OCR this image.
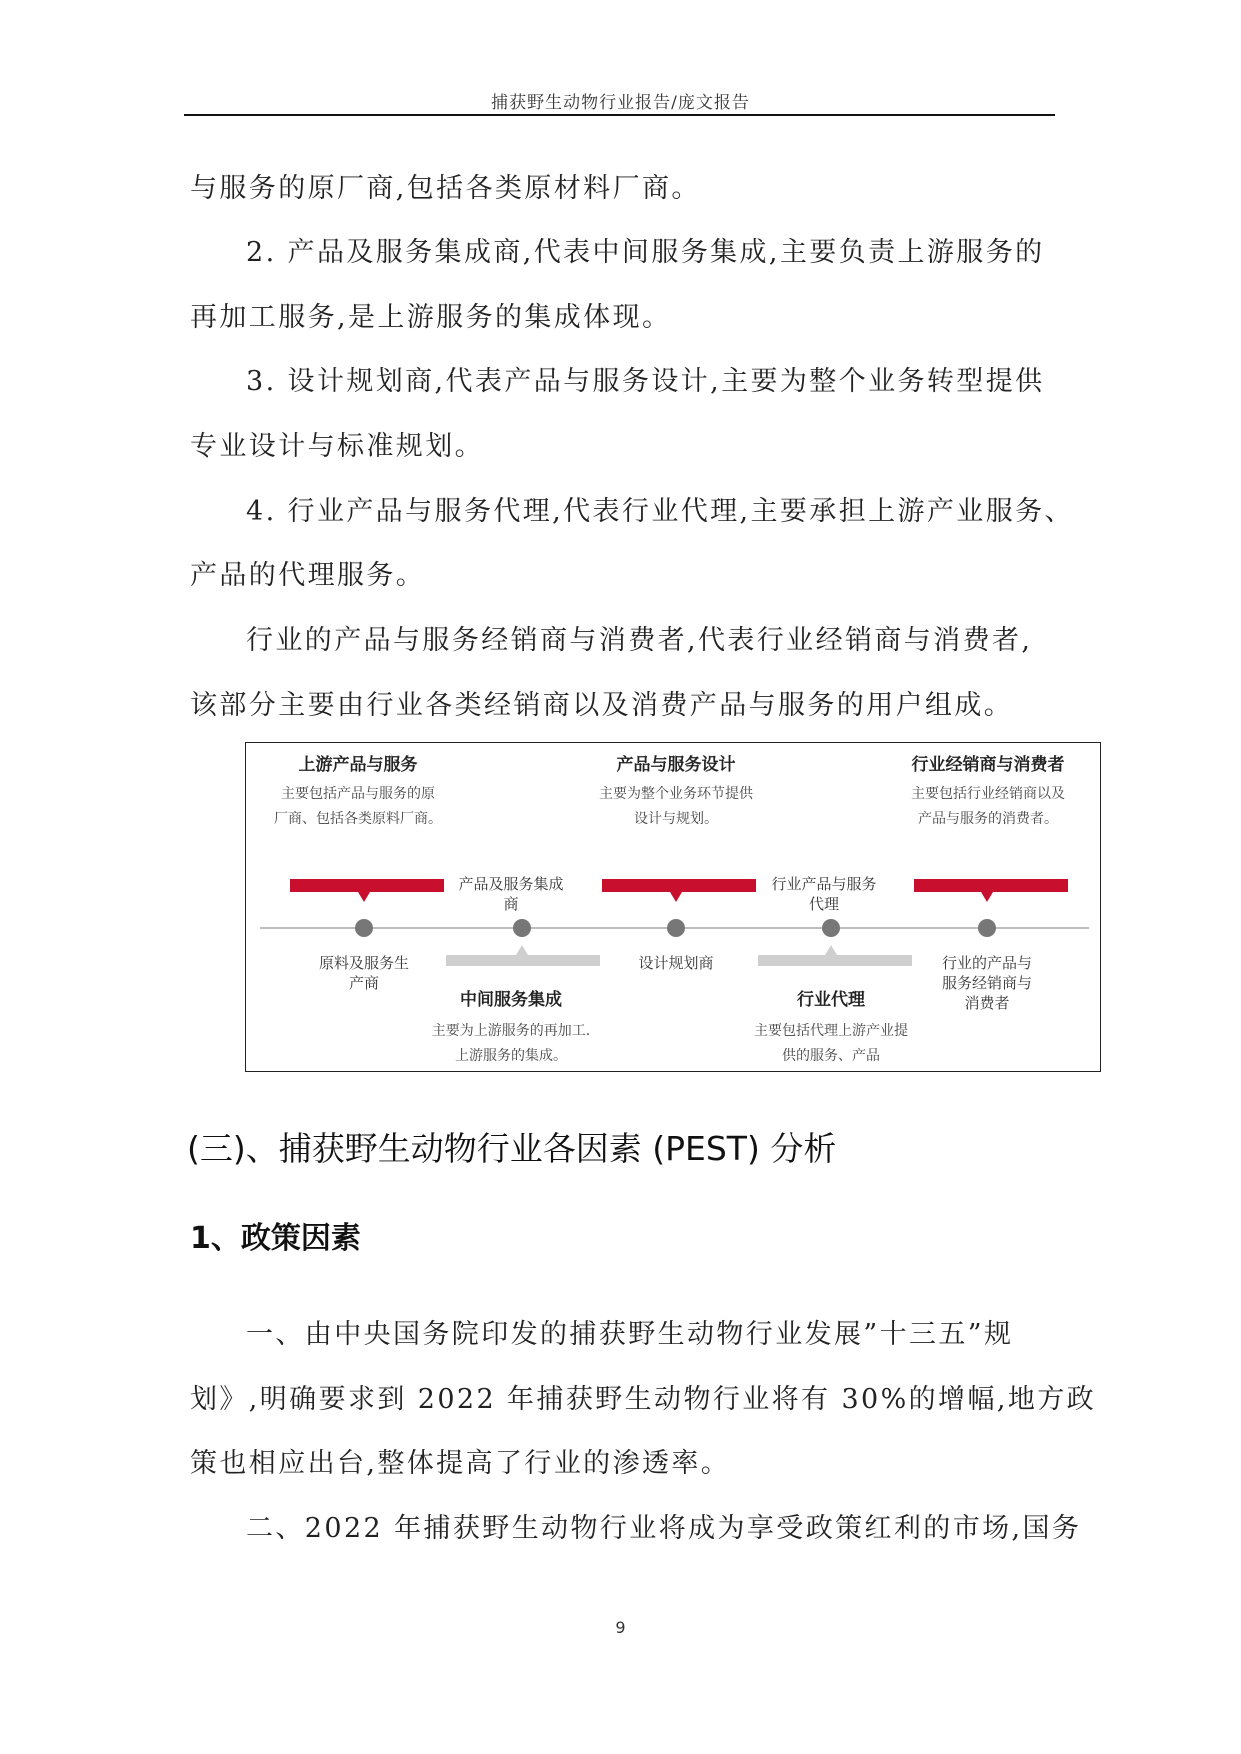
捕获野生动物行业报告/庞文报告
与服务的原厂商,包括各类原材料厂商。
2. 产品及服务集成商,代表中间服务集成,主要负责上游服务的
再加工服务,是上游服务的集成体现。
3. 设计规划商,代表产品与服务设计,主要为整个业务转型提供
专业设计与标准规划。
4. 行业产品与服务代理,代表行业代理,主要承担上游产业服务、
产品的代理服务。
行业的产品与服务经销商与消费者,代表行业经销商与消费者,
该部分主要由行业各类经销商以及消费产品与服务的用户组成。
上游产品与服务
主要包括产品与服务的原
厂商、包括各类原料厂商。
产品与服务设计
主要为整个业务环节提供
设计与规划。
行业经销商与消费者
主要包括行业经销商以及
产品与服务的消费者。
产品及服务集成
商
行业产品与服务
代理
原料及服务生
产商
设计规划商	行业的产品与
服务经销商与
消费者
中间服务集成
主要为上游服务的再加工.
上游服务的集成。
行业代理
主要包括代理上游产业提
供的服务、产品
(三)、捕获野生动物行业各因素 (PEST) 分析
1、政策因素
一、由中央国务院印发的捕获野生动物行业发展”十三五”规
划》,明确要求到 2022 年捕获野生动物行业将有 30%的增幅,地方政
策也相应出台,整体提高了行业的渗透率。
二、2022 年捕获野生动物行业将成为享受政策红利的市场,国务
9
